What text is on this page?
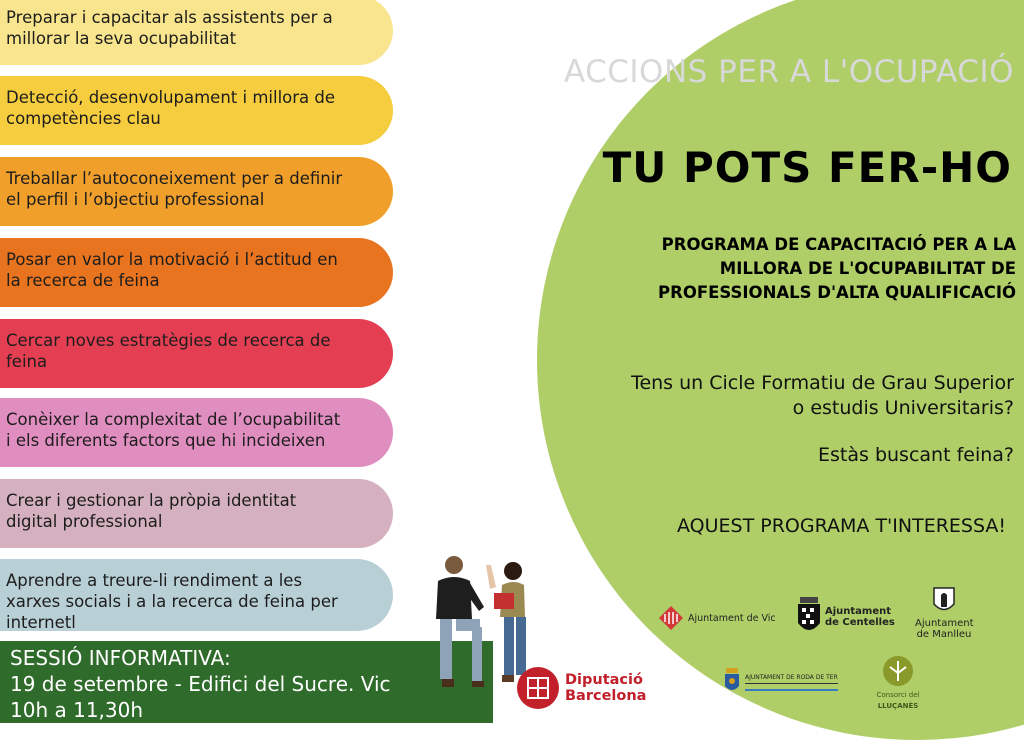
ACCIONS PER A L'OCUPACIÓ
TU POTS FER-HO
PROGRAMA DE CAPACITACIÓ PER A LA
MILLORA DE L'OCUPABILITAT DE
PROFESSIONALS D'ALTA QUALIFICACIÓ
Tens un Cicle Formatiu de Grau Superior
o estudis Universitaris?
Estàs buscant feina?
AQUEST PROGRAMA T'INTERESSA!
Preparar i capacitar als assistents per a
millorar la seva ocupabilitat
Detecció, desenvolupament i millora de
competències clau
Treballar l’autoconeixement per a definir
el perfil i l’objectiu professional
Posar en valor la motivació i l’actitud en
la recerca de feina
Cercar noves estratègies de recerca de
feina
Conèixer la complexitat de l’ocupabilitat
i els diferents factors que hi incideixen
Crear i gestionar la pròpia identitat
digital professional
Aprendre a treure-li rendiment a les
xarxes socials i a la recerca de feina per
internetl
SESSIÓ INFORMATIVA:
19 de setembre - Edifici del Sucre. Vic
10h a 11,30h
Diputació
Barcelona
Ajuntament de Vic
Ajuntament
de Centelles Ajuntament
de Manlleu
AJUNTAMENT DE RODA DE TER
Consorci del
LLUÇANÈS
